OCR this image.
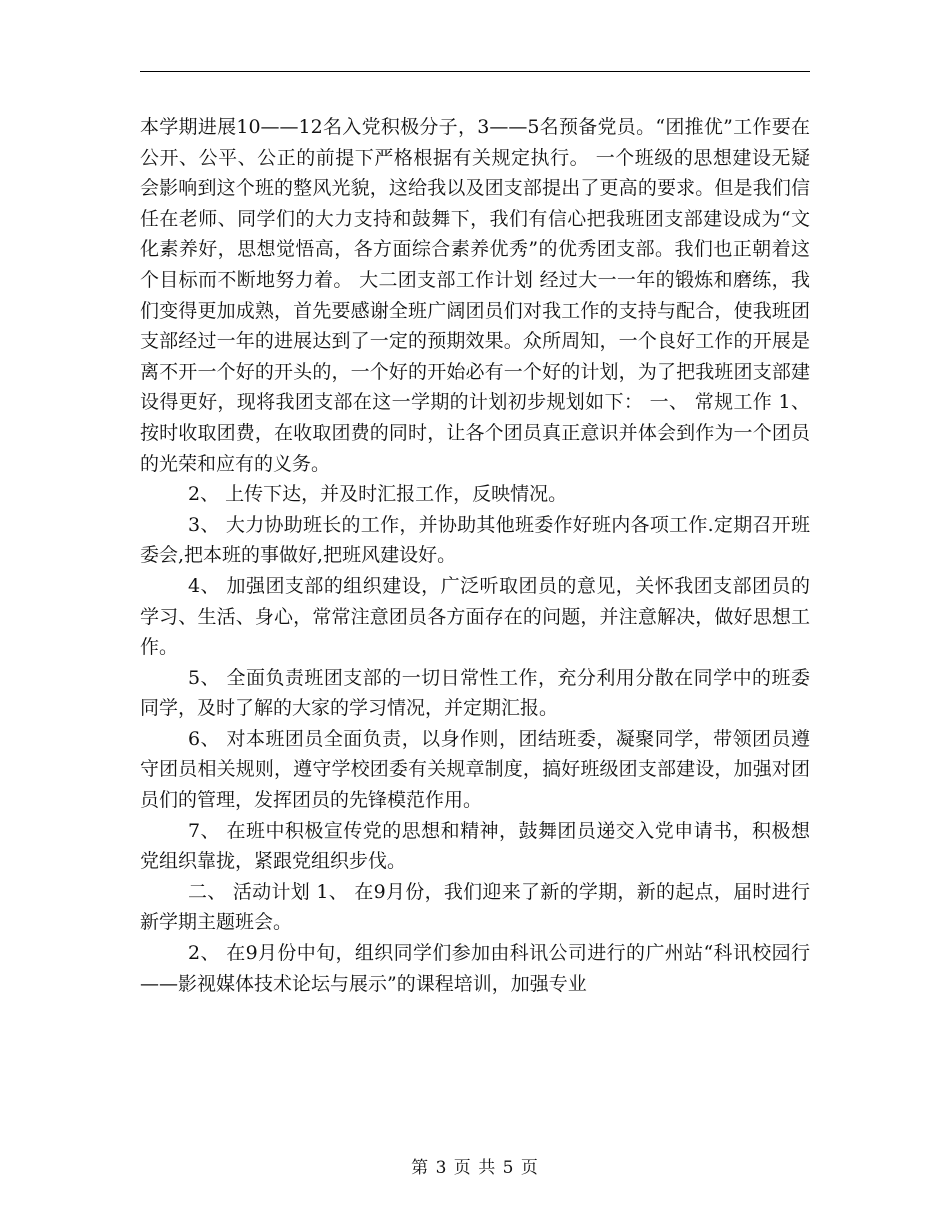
本学期进展10——12名入党积极分子，3——5名预备党员。“团推优”工作要在公开、公平、公正的前提下严格根据有关规定执行。 一个班级的思想建设无疑会影响到这个班的整风光貌，这给我以及团支部提出了更高的要求。但是我们信任在老师、同学们的大力支持和鼓舞下，我们有信心把我班团支部建设成为“文化素养好，思想觉悟高，各方面综合素养优秀”的优秀团支部。我们也正朝着这个目标而不断地努力着。 大二团支部工作计划 经过大一一年的锻炼和磨练，我们变得更加成熟，首先要感谢全班广阔团员们对我工作的支持与配合，使我班团支部经过一年的进展达到了一定的预期效果。众所周知，一个良好工作的开展是离不开一个好的开头的，一个好的开始必有一个好的计划，为了把我班团支部建设得更好，现将我团支部在这一学期的计划初步规划如下： 一、 常规工作 1、 按时收取团费，在收取团费的同时，让各个团员真正意识并体会到作为一个团员的光荣和应有的义务。

2、 上传下达，并及时汇报工作，反映情况。

3、 大力协助班长的工作，并协助其他班委作好班内各项工作.定期召开班委会,把本班的事做好,把班风建设好。

4、 加强团支部的组织建设，广泛听取团员的意见，关怀我团支部团员的学习、生活、身心，常常注意团员各方面存在的问题，并注意解决，做好思想工作。

5、 全面负责班团支部的一切日常性工作，充分利用分散在同学中的班委同学，及时了解的大家的学习情况，并定期汇报。

6、 对本班团员全面负责，以身作则，团结班委，凝聚同学，带领团员遵守团员相关规则，遵守学校团委有关规章制度，搞好班级团支部建设，加强对团员们的管理，发挥团员的先锋模范作用。

7、 在班中积极宣传党的思想和精神，鼓舞团员递交入党申请书，积极想党组织靠拢，紧跟党组织步伐。

二、 活动计划 1、 在9月份，我们迎来了新的学期，新的起点，届时进行新学期主题班会。

2、 在9月份中旬，组织同学们参加由科讯公司进行的广州站“科讯校园行——影视媒体技术论坛与展示”的课程培训，加强专业

第 3 页 共 5 页
